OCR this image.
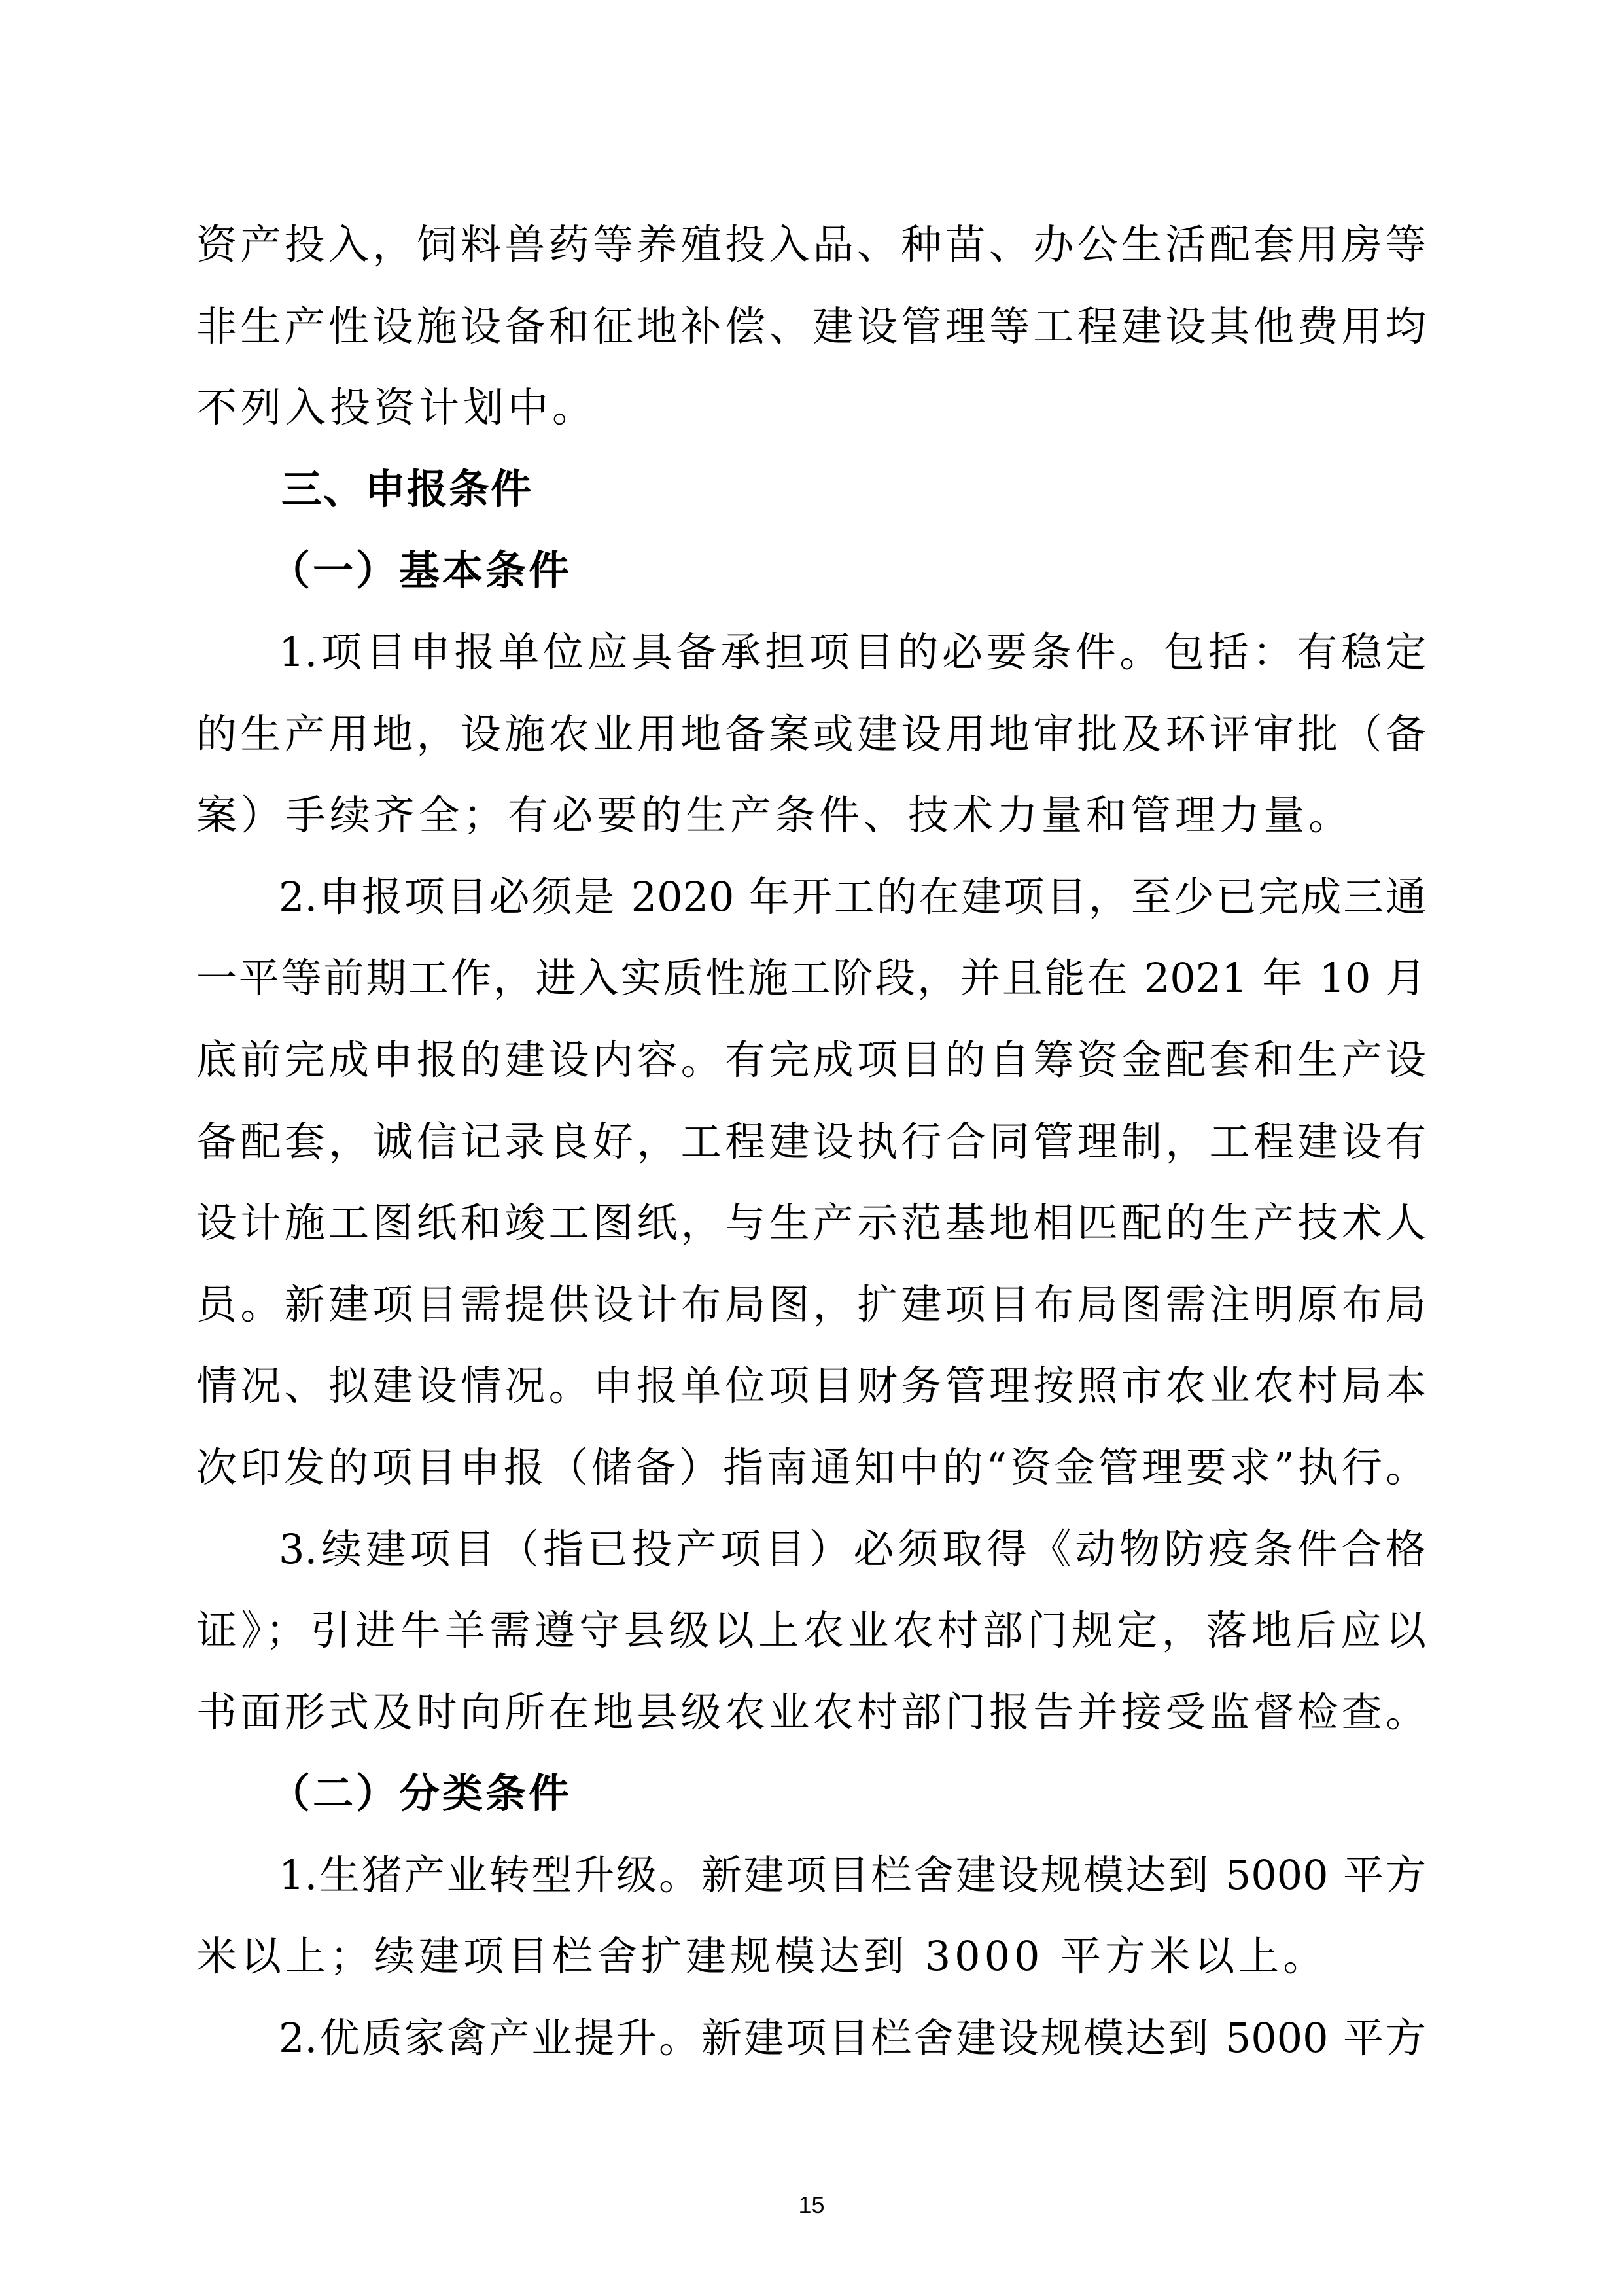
资产投入，饲料兽药等养殖投入品、种苗、办公生活配套用房等
非生产性设施设备和征地补偿、建设管理等工程建设其他费用均
不列入投资计划中。
三、申报条件
（一）基本条件
1.项目申报单位应具备承担项目的必要条件。包括：有稳定
的生产用地，设施农业用地备案或建设用地审批及环评审批（备
案）手续齐全；有必要的生产条件、技术力量和管理力量。
2.申报项目必须是 2020 年开工的在建项目，至少已完成三通
一平等前期工作，进入实质性施工阶段，并且能在 2021 年 10 月
底前完成申报的建设内容。有完成项目的自筹资金配套和生产设
备配套，诚信记录良好，工程建设执行合同管理制，工程建设有
设计施工图纸和竣工图纸，与生产示范基地相匹配的生产技术人
员。新建项目需提供设计布局图，扩建项目布局图需注明原布局
情况、拟建设情况。申报单位项目财务管理按照市农业农村局本
次印发的项目申报（储备）指南通知中的“资金管理要求”执行。
3.续建项目（指已投产项目）必须取得《动物防疫条件合格
证》；引进牛羊需遵守县级以上农业农村部门规定，落地后应以
书面形式及时向所在地县级农业农村部门报告并接受监督检查。
（二）分类条件
1.生猪产业转型升级。新建项目栏舍建设规模达到 5000 平方
米以上；续建项目栏舍扩建规模达到 3000 平方米以上。
2.优质家禽产业提升。新建项目栏舍建设规模达到 5000 平方
15
